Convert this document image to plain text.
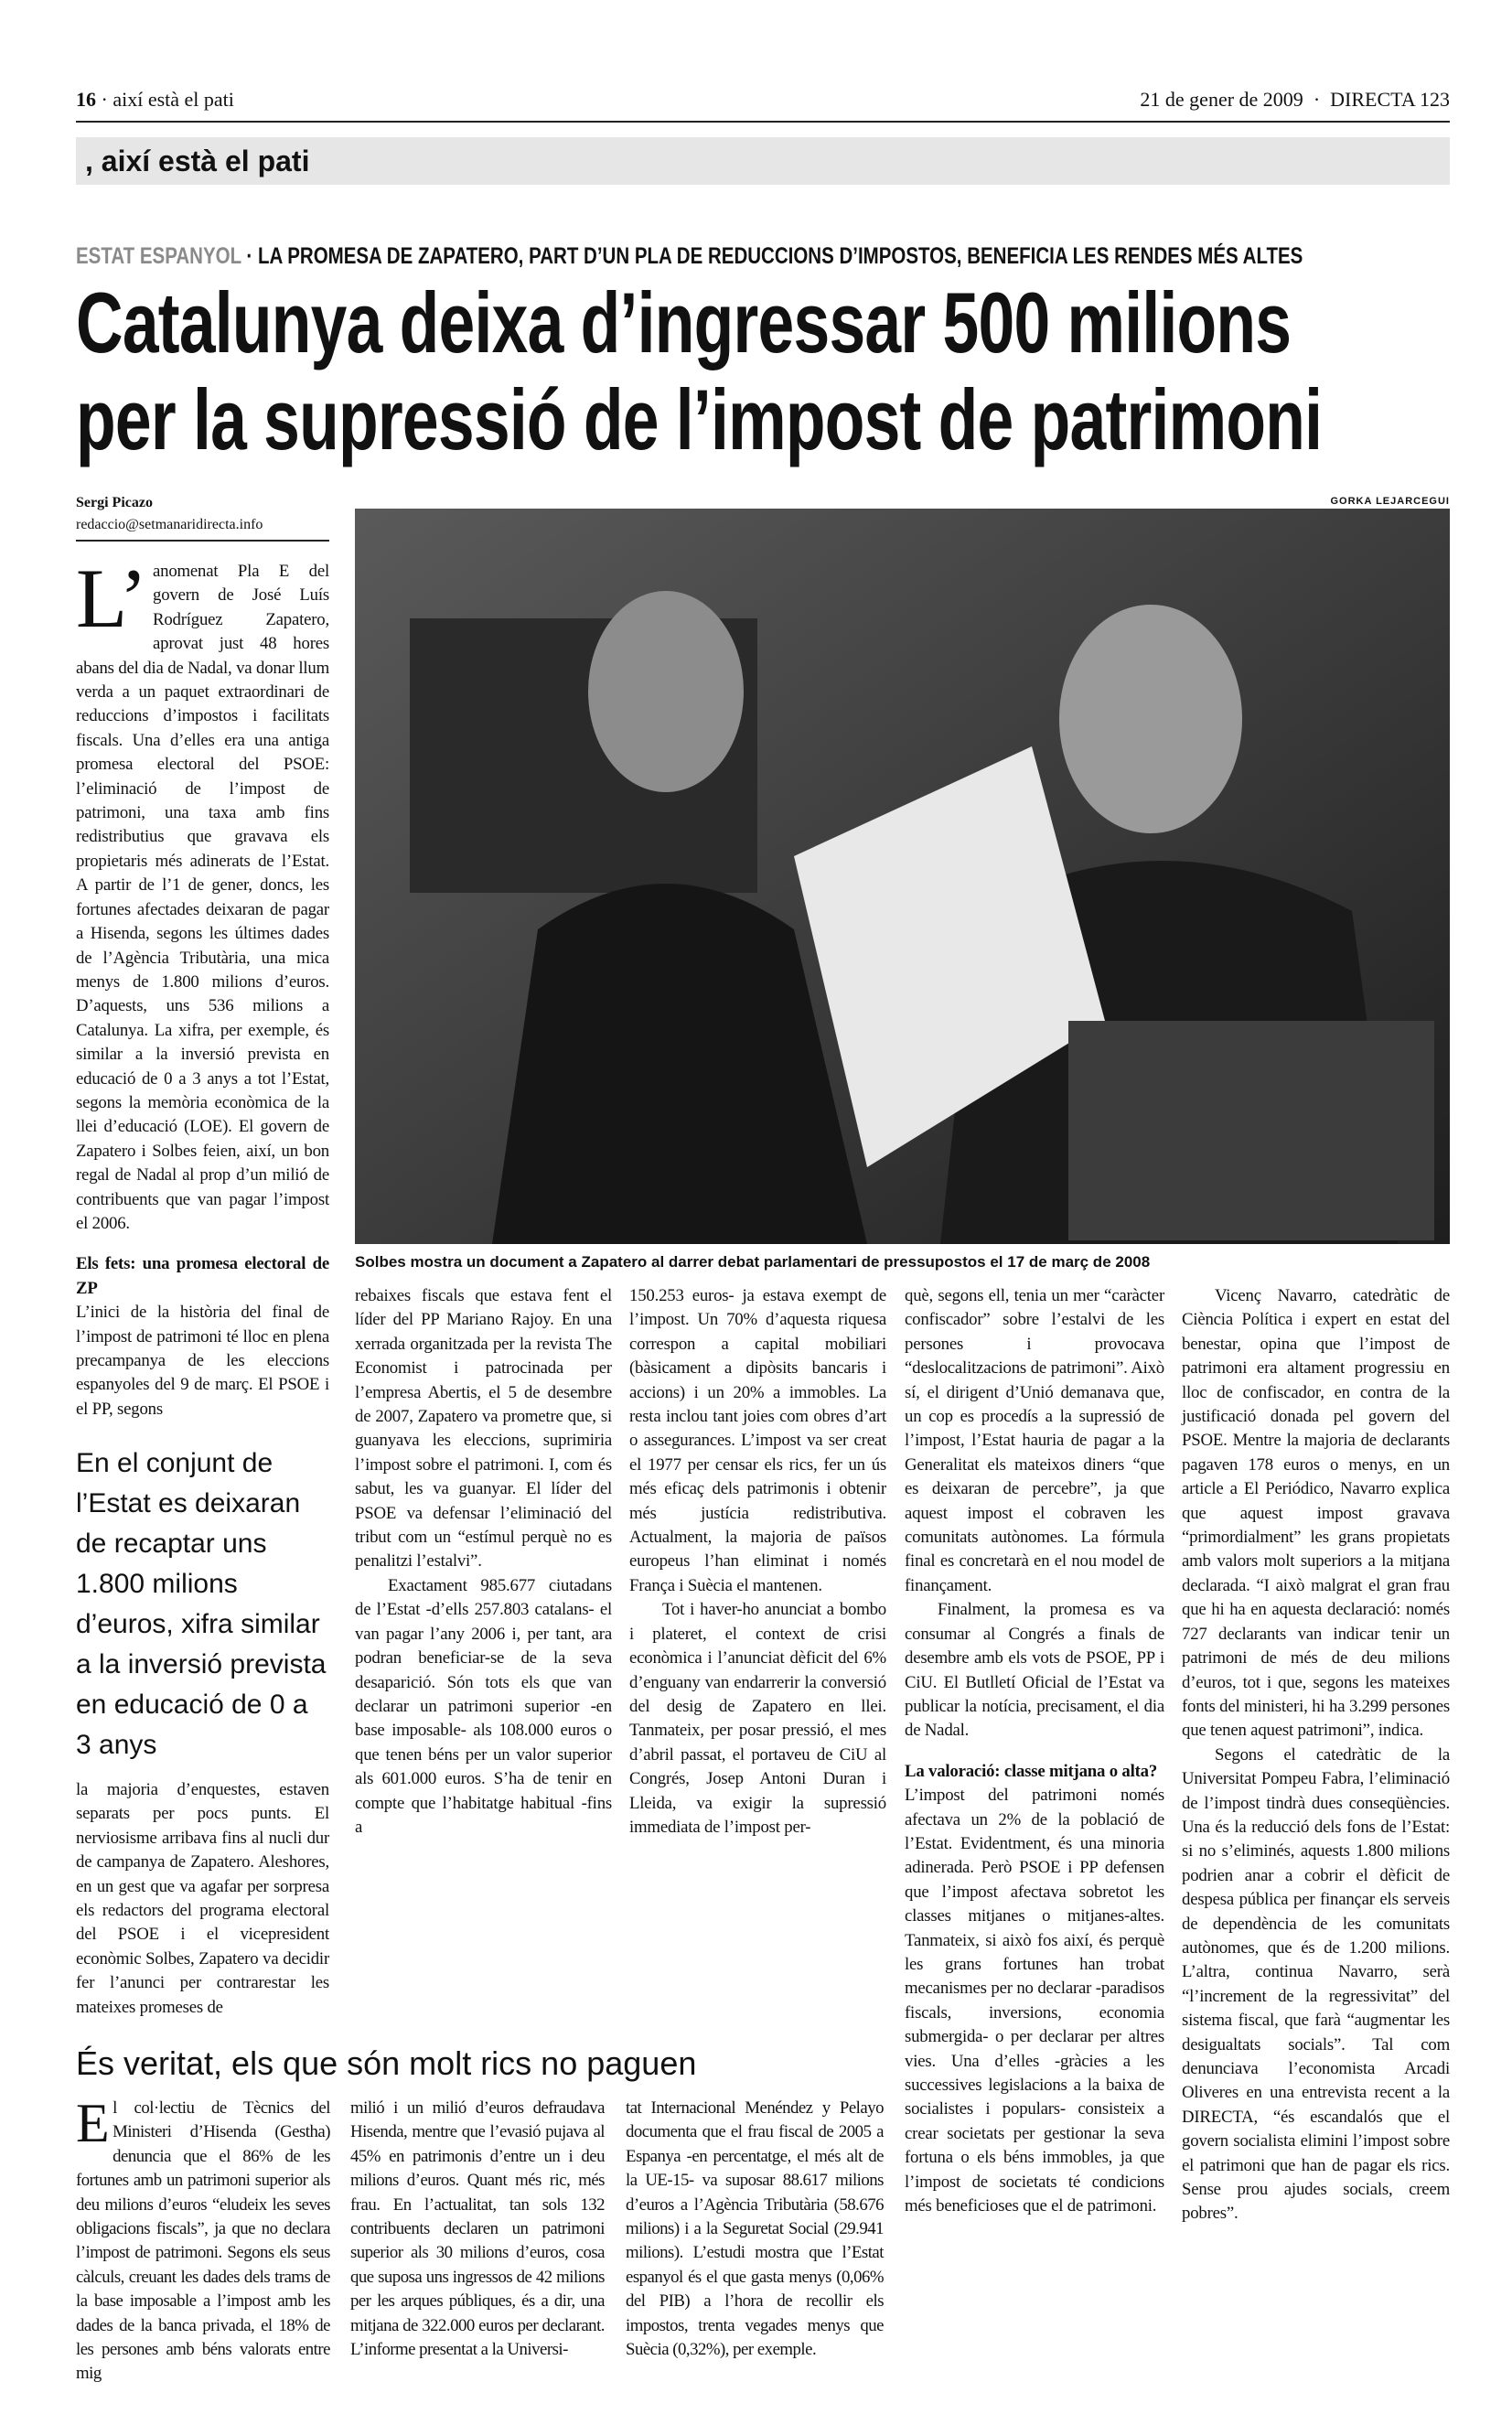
16 · així està el pati	21 de gener de 2009 · DIRECTA 123
, així està el pati
ESTAT ESPANYOL · LA PROMESA DE ZAPATERO, PART D’UN PLA DE REDUCCIONS D’IMPOSTOS, BENEFICIA LES RENDES MÉS ALTES
Catalunya deixa d’ingressar 500 milions
per la supressió de l’impost de patrimoni
Sergi Picazo
redaccio@setmanaridirecta.info

L’ anomenat Pla E del govern de José Luís Rodríguez Zapatero, aprovat just 48 hores abans del dia de Nadal, va donar llum verda a un paquet extraordinari de reduccions d’impostos i facilitats fiscals. Una d’elles era una antiga promesa electoral del PSOE: l’eliminació de l’impost de patrimoni, una taxa amb fins redistributius que gravava els propietaris més adinerats de l’Estat. A partir de l’1 de gener, doncs, les fortunes afectades deixaran de pagar a Hisenda, segons les últimes dades de l’Agència Tributària, una mica menys de 1.800 milions d’euros. D’aquests, uns 536 milions a Catalunya. La xifra, per exemple, és similar a la inversió prevista en educació de 0 a 3 anys a tot l’Estat, segons la memòria econòmica de la llei d’educació (LOE). El govern de Zapatero i Solbes feien, així, un bon regal de Nadal al prop d’un milió de contribuents que van pagar l’impost el 2006.

Els fets: una promesa electoral de ZP

L’inici de la història del final de l’impost de patrimoni té lloc en plena precampanya de les eleccions espanyoles del 9 de març. El PSOE i el PP, segons

GORKA LEJARCEGUI
Solbes mostra un document a Zapatero al darrer debat parlamentari de pressupostos el 17 de març de 2008
En el conjunt de l’Estat es deixaran de recaptar uns 1.800 milions d’euros, xifra similar a la inversió prevista en educació de 0 a 3 anys

la majoria d’enquestes, estaven separats per pocs punts. El nerviosisme arribava fins al nucli dur de campanya de Zapatero. Aleshores, en un gest que va agafar per sorpresa els redactors del programa electoral del PSOE i el vicepresident econòmic Solbes, Zapatero va decidir fer l’anunci per contrarestar les mateixes promeses de

rebaixes fiscals que estava fent el líder del PP Mariano Rajoy. En una xerrada organitzada per la revista The Economist i patrocinada per l’empresa Abertis, el 5 de desembre de 2007, Zapatero va prometre que, si guanyava les eleccions, suprimiria l’impost sobre el patrimoni. I, com és sabut, les va guanyar. El líder del PSOE va defensar l’eliminació del tribut com un “estímul perquè no es penalitzi l’estalvi”.

Exactament 985.677 ciutadans de l’Estat -d’ells 257.803 catalans- el van pagar l’any 2006 i, per tant, ara podran beneficiar-se de la seva desaparició. Són tots els que van declarar un patrimoni superior -en base imposable- als 108.000 euros o que tenen béns per un valor superior als 601.000 euros. S’ha de tenir en compte que l’habitatge habitual -fins a

150.253 euros- ja estava exempt de l’impost. Un 70% d’aquesta riquesa correspon a capital mobiliari (bàsicament a dipòsits bancaris i accions) i un 20% a immobles. La resta inclou tant joies com obres d’art o assegurances. L’impost va ser creat el 1977 per censar els rics, fer un ús més eficaç dels patrimonis i obtenir més justícia redistributiva. Actualment, la majoria de països europeus l’han eliminat i només França i Suècia el mantenen.

Tot i haver-ho anunciat a bombo i plateret, el context de crisi econòmica i l’anunciat dèficit del 6% d’enguany van endarrerir la conversió del desig de Zapatero en llei. Tanmateix, per posar pressió, el mes d’abril passat, el portaveu de CiU al Congrés, Josep Antoni Duran i Lleida, va exigir la supressió immediata de l’impost per-

què, segons ell, tenia un mer “caràcter confiscador” sobre l’estalvi de les persones i provocava “deslocalitzacions de patrimoni”. Això sí, el dirigent d’Unió demanava que, un cop es procedís a la supressió de l’impost, l’Estat hauria de pagar a la Generalitat els mateixos diners “que es deixaran de percebre”, ja que aquest impost el cobraven les comunitats autònomes. La fórmula final es concretarà en el nou model de finançament.

Finalment, la promesa es va consumar al Congrés a finals de desembre amb els vots de PSOE, PP i CiU. El Butlletí Oficial de l’Estat va publicar la notícia, precisament, el dia de Nadal.

La valoració: classe mitjana o alta?

L’impost del patrimoni només afectava un 2% de la població de l’Estat. Evidentment, és una minoria adinerada. Però PSOE i PP defensen que l’impost afectava sobretot les classes mitjanes o mitjanes-altes. Tanmateix, si això fos així, és perquè les grans fortunes han trobat mecanismes per no declarar -paradisos fiscals, inversions, economia submergida- o per declarar per altres vies. Una d’elles -gràcies a les successives legislacions a la baixa de socialistes i populars- consisteix a crear societats per gestionar la seva fortuna o els béns immobles, ja que l’impost de societats té condicions més beneficioses que el de patrimoni.

Vicenç Navarro, catedràtic de Ciència Política i expert en estat del benestar, opina que l’impost de patrimoni era altament progressiu en lloc de confiscador, en contra de la justificació donada pel govern del PSOE. Mentre la majoria de declarants pagaven 178 euros o menys, en un article a El Periódico, Navarro explica que aquest impost gravava “primordialment” les grans propietats amb valors molt superiors a la mitjana declarada. “I això malgrat el gran frau que hi ha en aquesta declaració: només 727 declarants van indicar tenir un patrimoni de més de deu milions d’euros, tot i que, segons les mateixes fonts del ministeri, hi ha 3.299 persones que tenen aquest patrimoni”, indica.

Segons el catedràtic de la Universitat Pompeu Fabra, l’eliminació de l’impost tindrà dues conseqüències. Una és la reducció dels fons de l’Estat: si no s’eliminés, aquests 1.800 milions podrien anar a cobrir el dèficit de despesa pública per finançar els serveis de dependència de les comunitats autònomes, que és de 1.200 milions. L’altra, continua Navarro, serà “l’increment de la regressivitat” del sistema fiscal, que farà “augmentar les desigualtats socials”. Tal com denunciava l’economista Arcadi Oliveres en una entrevista recent a la DIRECTA, “és escandalós que el govern socialista elimini l’impost sobre el patrimoni que han de pagar els rics. Sense prou ajudes socials, creem pobres”.

És veritat, els que són molt rics no paguen
El col·lectiu de Tècnics del Ministeri d’Hisenda (Gestha) denuncia que el 86% de les fortunes amb un patrimoni superior als deu milions d’euros “eludeix les seves obligacions fiscals”, ja que no declara l’impost de patrimoni. Segons els seus càlculs, creuant les dades dels trams de la base imposable a l’impost amb les dades de la banca privada, el 18% de les persones amb béns valorats entre mig
milió i un milió d’euros defraudava Hisenda, mentre que l’evasió pujava al 45% en patrimonis d’entre un i deu milions d’euros. Quant més ric, més frau. En l’actualitat, tan sols 132 contribuents declaren un patrimoni superior als 30 milions d’euros, cosa que suposa uns ingressos de 42 milions per les arques públiques, és a dir, una mitjana de 322.000 euros per declarant. L’informe presentat a la Universi-
tat Internacional Menéndez y Pelayo documenta que el frau fiscal de 2005 a Espanya -en percentatge, el més alt de la UE-15- va suposar 88.617 milions d’euros a l’Agència Tributària (58.676 milions) i a la Seguretat Social (29.941 milions). L’estudi mostra que l’Estat espanyol és el que gasta menys (0,06% del PIB) a l’hora de recollir els impostos, trenta vegades menys que Suècia (0,32%), per exemple.
